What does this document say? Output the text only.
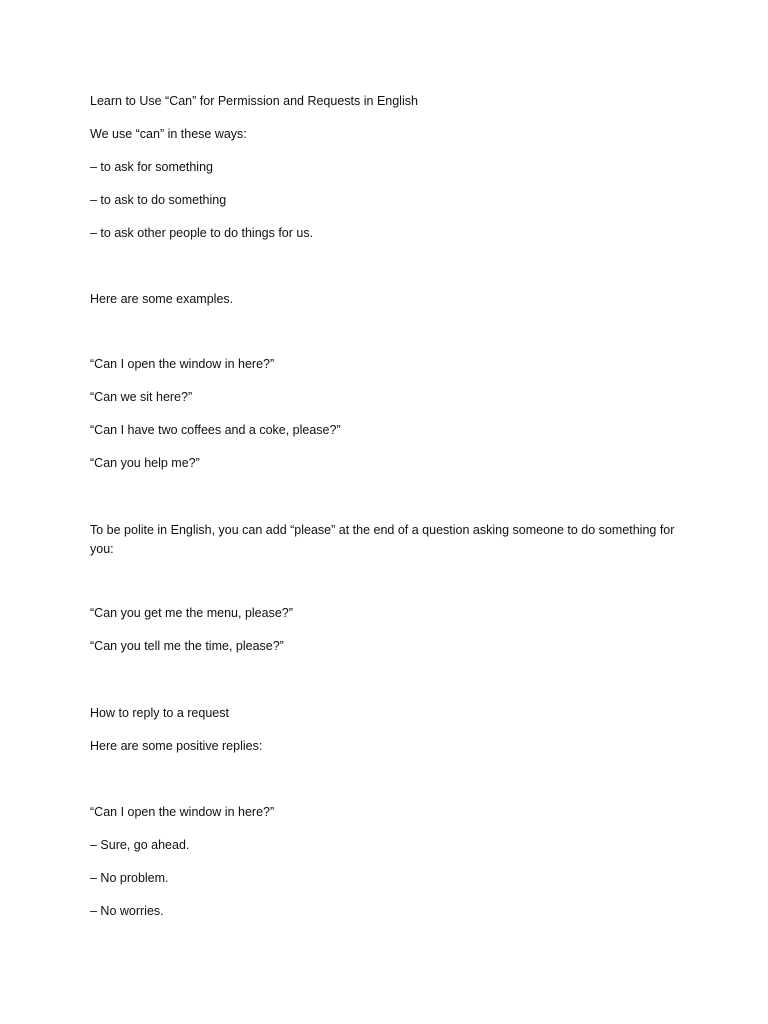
Learn to Use “Can” for Permission and Requests in English

We use “can” in these ways:

– to ask for something

– to ask to do something

– to ask other people to do things for us.

Here are some examples.

“Can I open the window in here?”

“Can we sit here?”

“Can I have two coffees and a coke, please?”

“Can you help me?”

To be polite in English, you can add “please” at the end of a question asking someone to do something for you:

“Can you get me the menu, please?”

“Can you tell me the time, please?”

How to reply to a request

Here are some positive replies:

“Can I open the window in here?”

– Sure, go ahead.

– No problem.

– No worries.
